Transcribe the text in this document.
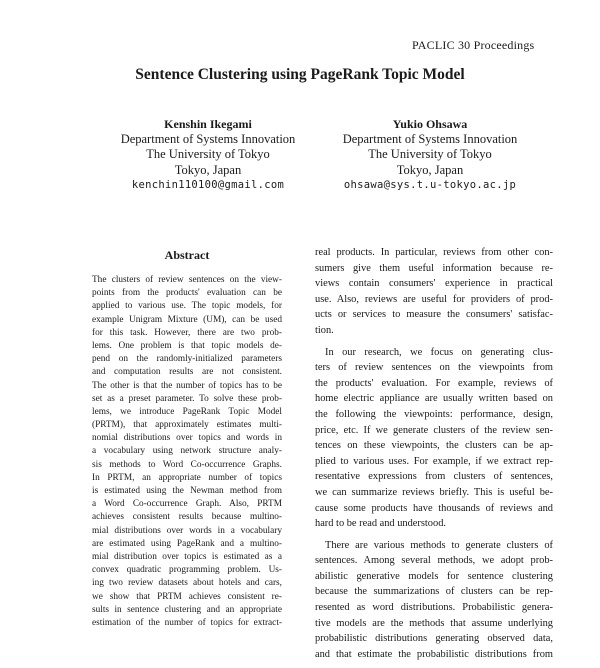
PACLIC 30 Proceedings
Sentence Clustering using PageRank Topic Model
Kenshin Ikegami
Department of Systems Innovation
The University of Tokyo
Tokyo, Japan
kenchin110100@gmail.com
Yukio Ohsawa
Department of Systems Innovation
The University of Tokyo
Tokyo, Japan
ohsawa@sys.t.u-tokyo.ac.jp
Abstract
The clusters of review sentences on the view-
points from the products' evaluation can be
applied to various use. The topic models, for
example Unigram Mixture (UM), can be used
for this task. However, there are two prob-
lems. One problem is that topic models de-
pend on the randomly-initialized parameters
and computation results are not consistent.
The other is that the number of topics has to be
set as a preset parameter. To solve these prob-
lems, we introduce PageRank Topic Model
(PRTM), that approximately estimates multi-
nomial distributions over topics and words in
a vocabulary using network structure analy-
sis methods to Word Co-occurrence Graphs.
In PRTM, an appropriate number of topics
is estimated using the Newman method from
a Word Co-occurrence Graph. Also, PRTM
achieves consistent results because multino-
mial distributions over words in a vocabulary
are estimated using PageRank and a multino-
mial distribution over topics is estimated as a
convex quadratic programming problem. Us-
ing two review datasets about hotels and cars,
we show that PRTM achieves consistent re-
sults in sentence clustering and an appropriate
estimation of the number of topics for extract-

real products. In particular, reviews from other con-
sumers give them useful information because re-
views contain consumers' experience in practical
use. Also, reviews are useful for providers of prod-
ucts or services to measure the consumers' satisfac-
tion.

In our research, we focus on generating clus-
ters of review sentences on the viewpoints from
the products' evaluation. For example, reviews of
home electric appliance are usually written based on
the following the viewpoints: performance, design,
price, etc. If we generate clusters of the review sen-
tences on these viewpoints, the clusters can be ap-
plied to various uses. For example, if we extract rep-
resentative expressions from clusters of sentences,
we can summarize reviews briefly. This is useful be-
cause some products have thousands of reviews and
hard to be read and understood.

There are various methods to generate clusters of
sentences. Among several methods, we adopt prob-
abilistic generative models for sentence clustering
because the summarizations of clusters can be rep-
resented as word distributions. Probabilistic genera-
tive models are the methods that assume underlying
probabilistic distributions generating observed data,
and that estimate the probabilistic distributions from
